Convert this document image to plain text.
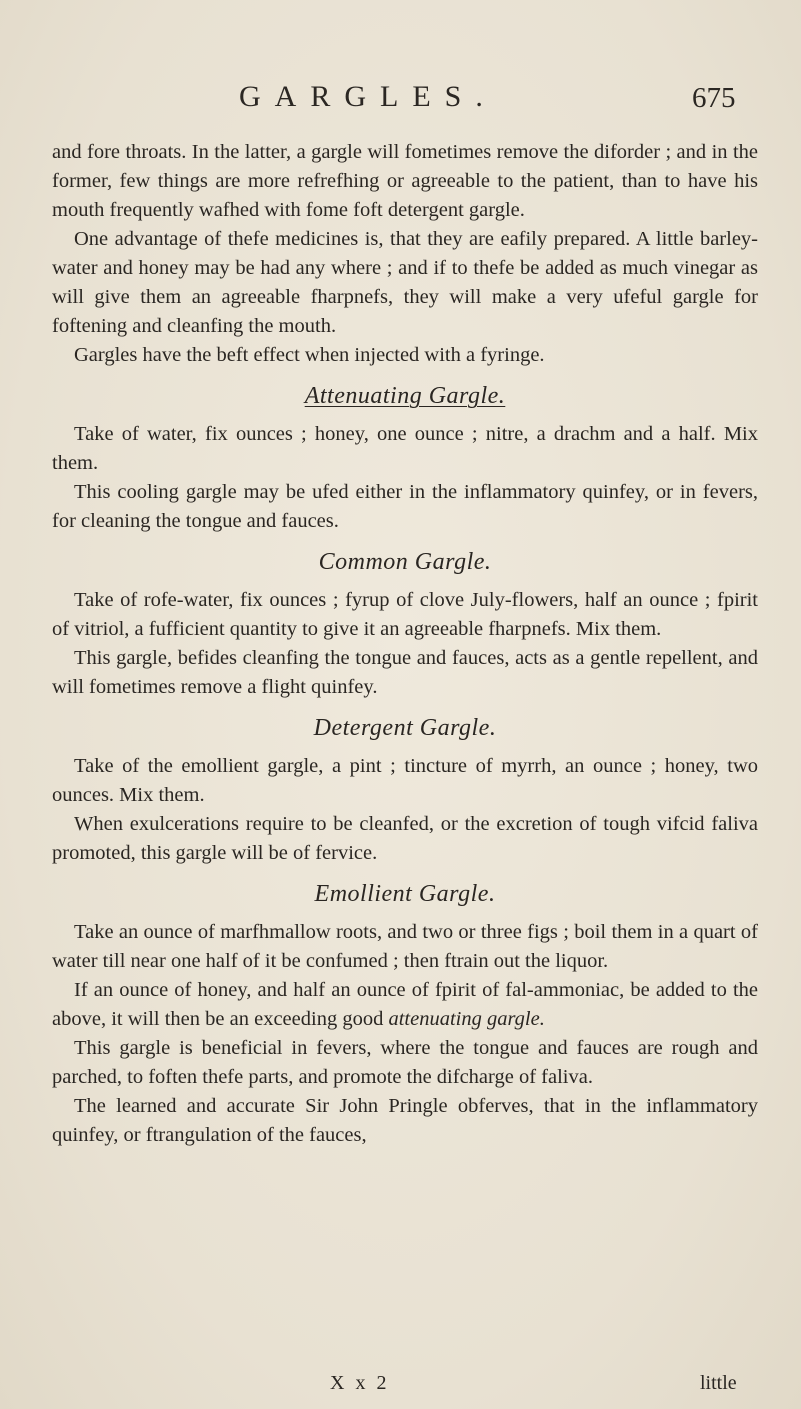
GARGLES.	675

and fore throats. In the latter, a gargle will fometimes remove the diforder ; and in the former, few things are more refrefhing or agreeable to the patient, than to have his mouth frequently wafhed with fome foft detergent gargle.

One advantage of thefe medicines is, that they are eafily prepared. A little barley-water and honey may be had any where ; and if to thefe be added as much vinegar as will give them an agreeable fharpnefs, they will make a very ufeful gargle for foftening and cleanfing the mouth.

Gargles have the beft effect when injected with a fyringe.

Attenuating Gargle.

Take of water, fix ounces ; honey, one ounce ; nitre, a drachm and a half. Mix them.

This cooling gargle may be ufed either in the inflammatory quinfey, or in fevers, for cleaning the tongue and fauces.

Common Gargle.

Take of rofe-water, fix ounces ; fyrup of clove July-flowers, half an ounce ; fpirit of vitriol, a fufficient quantity to give it an agreeable fharpnefs. Mix them.

This gargle, befides cleanfing the tongue and fauces, acts as a gentle repellent, and will fometimes remove a flight quinfey.

Detergent Gargle.

Take of the emollient gargle, a pint ; tincture of myrrh, an ounce ; honey, two ounces. Mix them.

When exulcerations require to be cleanfed, or the excretion of tough vifcid faliva promoted, this gargle will be of fervice.

Emollient Gargle.

Take an ounce of marfhmallow roots, and two or three figs ; boil them in a quart of water till near one half of it be confumed ; then ftrain out the liquor.

If an ounce of honey, and half an ounce of fpirit of fal-ammoniac, be added to the above, it will then be an exceeding good attenuating gargle.

This gargle is beneficial in fevers, where the tongue and fauces are rough and parched, to foften thefe parts, and promote the difcharge of faliva.

The learned and accurate Sir John Pringle obferves, that in the inflammatory quinfey, or ftrangulation of the fauces,

X x 2	little
